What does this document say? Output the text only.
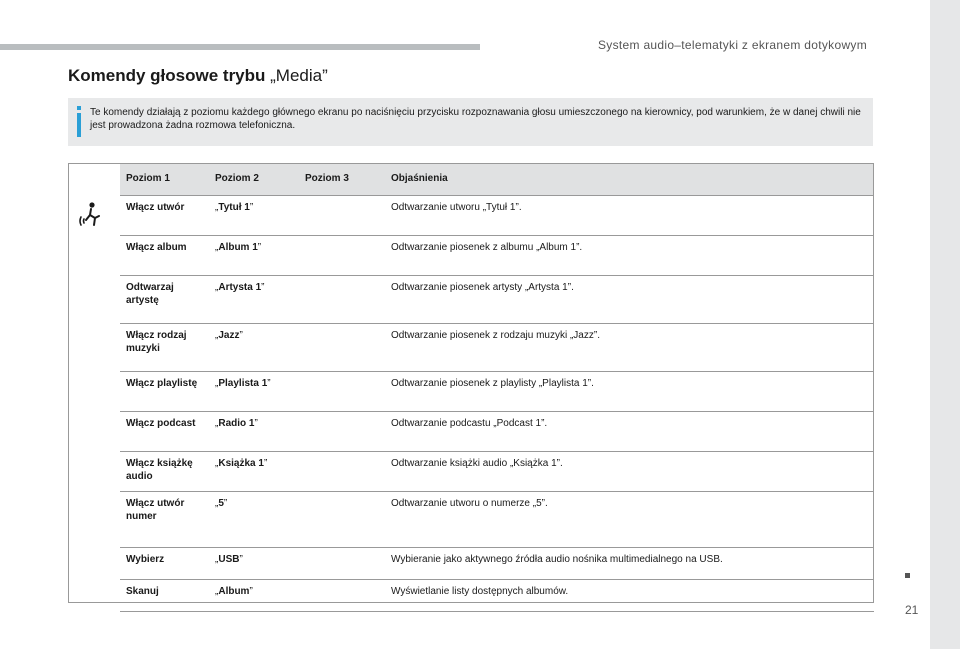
System audio–telematyki z ekranem dotykowym
21
Komendy głosowe trybu „Media”

Te komendy działają z poziomu każdego głównego ekranu po naciśnięciu przycisku rozpoznawania głosu umieszczonego na kierownicy, pod warunkiem, że w danej chwili nie jest prowadzona żadna rozmowa telefoniczna.

	Poziom 1	Poziom 2	Poziom 3	Objaśnienia
	Włącz utwór	„Tytuł 1”		Odtwarzanie utworu „Tytuł 1”.
	Włącz album	„Album 1”		Odtwarzanie piosenek z albumu „Album 1”.
	Odtwarzaj artystę	„Artysta 1”		Odtwarzanie piosenek artysty „Artysta 1”.
	Włącz rodzaj muzyki	„Jazz”		Odtwarzanie piosenek z rodzaju muzyki „Jazz”.
	Włącz playlistę	„Playlista 1”		Odtwarzanie piosenek z playlisty „Playlista 1”.
	Włącz podcast	„Radio 1”		Odtwarzanie podcastu „Podcast 1”.
	Włącz książkę audio	„Książka 1”		Odtwarzanie książki audio „Książka 1”.
	Włącz utwór numer	„5”		Odtwarzanie utworu o numerze „5”.
	Wybierz	„USB”		Wybieranie jako aktywnego źródła audio nośnika multimedialnego na USB.
	Skanuj	„Album”		Wyświetlanie listy dostępnych albumów.
